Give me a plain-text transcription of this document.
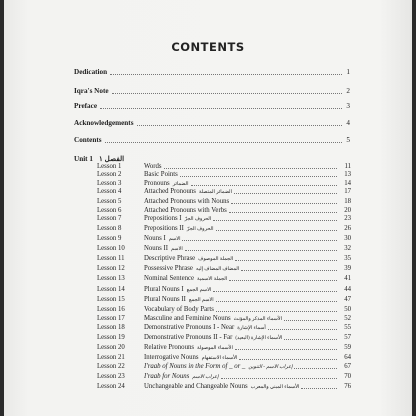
CONTENTS
Dedication	1
Iqra's Note	2
Preface	3
Acknowledgements	4
Contents	5
Unit 1 الفصل ١
Lesson 1	Words	11
Lesson 2	Basic Points	13
Lesson 3	Pronouns الضمائر	14
Lesson 4	Attached Pronouns الضمائر المتصلة	17
Lesson 5	Attached Pronouns with Nouns	18
Lesson 6	Attached Pronouns with Verbs	20
Lesson 7	Prepositions I الحروف الجرّ	23
Lesson 8	Prepositions II الحروف الجرّ	26
Lesson 9	Nouns I الاسم	30
Lesson 10	Nouns II الاسم	32
Lesson 11	Descriptive Phrase الجملة الموصوف	35
Lesson 12	Possessive Phrase المضاف المضاف إليه	39
Lesson 13	Nominal Sentence الجملة الاسمية	41
Lesson 14	Plural Nouns I الاسم الجمع	44
Lesson 15	Plural Nouns II الاسم الجمع	47
Lesson 16	Vocabulary of Body Parts	50
Lesson 17	Masculine and Feminine Nouns الأسماء المذكر والمؤنث	52
Lesson 18	Demonstrative Pronouns I - Near أسماء الإشارة	55
Lesson 19	Demonstrative Pronouns II - Far الأسماء الإشارة (البعيد)	57
Lesson 20	Relative Pronouns الأسماء الموصولة	59
Lesson 21	Interrogative Nouns الأسماء الاستفهام	64
Lesson 22	I'raab of Nouns in the Form of _ or _ إعراب الاسم - التنوين	67
Lesson 23	I'raab for Nouns إعراب الاسم	70
Lesson 24	Unchangeable and Changeable Nouns الأسماء المبني والمعرب	76
